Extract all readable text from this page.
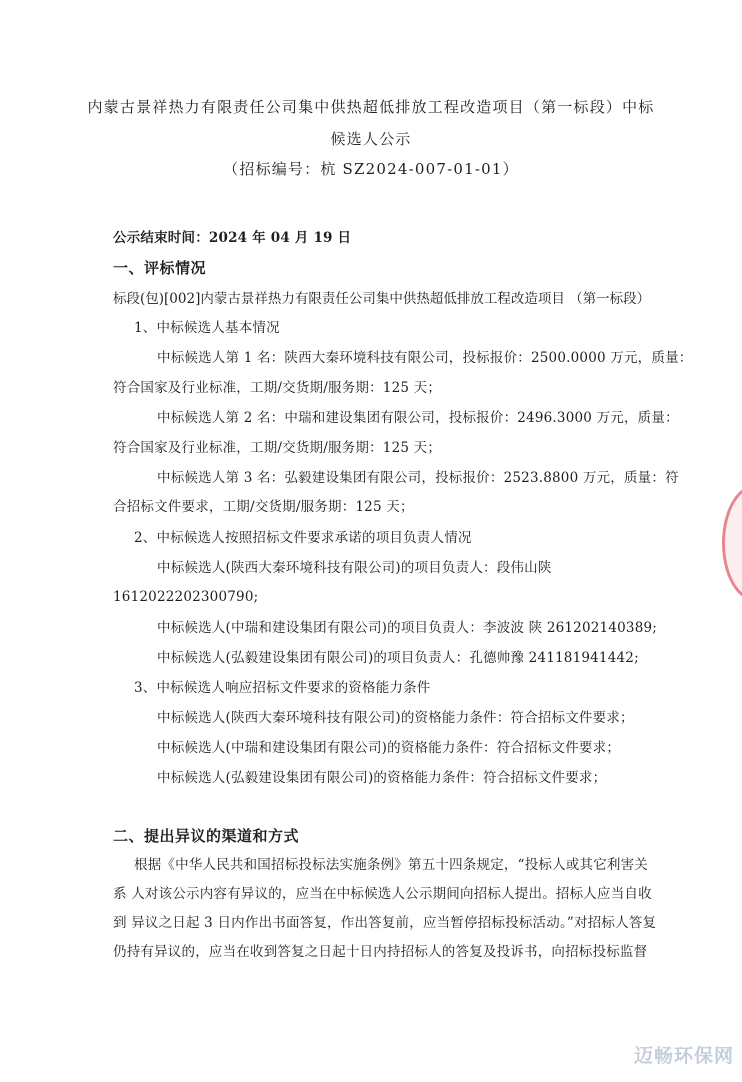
内蒙古景祥热力有限责任公司集中供热超低排放工程改造项目（第一标段）中标
候选人公示
（招标编号：杭 SZ2024-007-01-01）
公示结束时间：2024 年 04 月 19 日
一、评标情况
标段(包)[002]内蒙古景祥热力有限责任公司集中供热超低排放工程改造项目 （第一标段）
1、中标候选人基本情况
中标候选人第 1 名：陕西大秦环境科技有限公司，投标报价：2500.0000 万元，质量：
符合国家及行业标准，工期/交货期/服务期：125 天；
中标候选人第 2 名：中瑞和建设集团有限公司，投标报价：2496.3000 万元，质量：
符合国家及行业标准，工期/交货期/服务期：125 天；
中标候选人第 3 名：弘毅建设集团有限公司，投标报价：2523.8800 万元，质量：符
合招标文件要求，工期/交货期/服务期：125 天；
2、中标候选人按照招标文件要求承诺的项目负责人情况
中标候选人(陕西大秦环境科技有限公司)的项目负责人：段伟山陕
1612022202300790;
中标候选人(中瑞和建设集团有限公司)的项目负责人：李波波 陕 261202140389;
中标候选人(弘毅建设集团有限公司)的项目负责人：孔德帅豫 241181941442;
3、中标候选人响应招标文件要求的资格能力条件
中标候选人(陕西大秦环境科技有限公司)的资格能力条件：符合招标文件要求；
中标候选人(中瑞和建设集团有限公司)的资格能力条件：符合招标文件要求；
中标候选人(弘毅建设集团有限公司)的资格能力条件：符合招标文件要求；
二、提出异议的渠道和方式
根据《中华人民共和国招标投标法实施条例》第五十四条规定，“投标人或其它利害关
系 人对该公示内容有异议的，应当在中标候选人公示期间向招标人提出。招标人应当自收
到 异议之日起 3 日内作出书面答复，作出答复前，应当暂停招标投标活动。”对招标人答复
仍持有异议的，应当在收到答复之日起十日内持招标人的答复及投诉书，向招标投标监督
迈畅环保网
